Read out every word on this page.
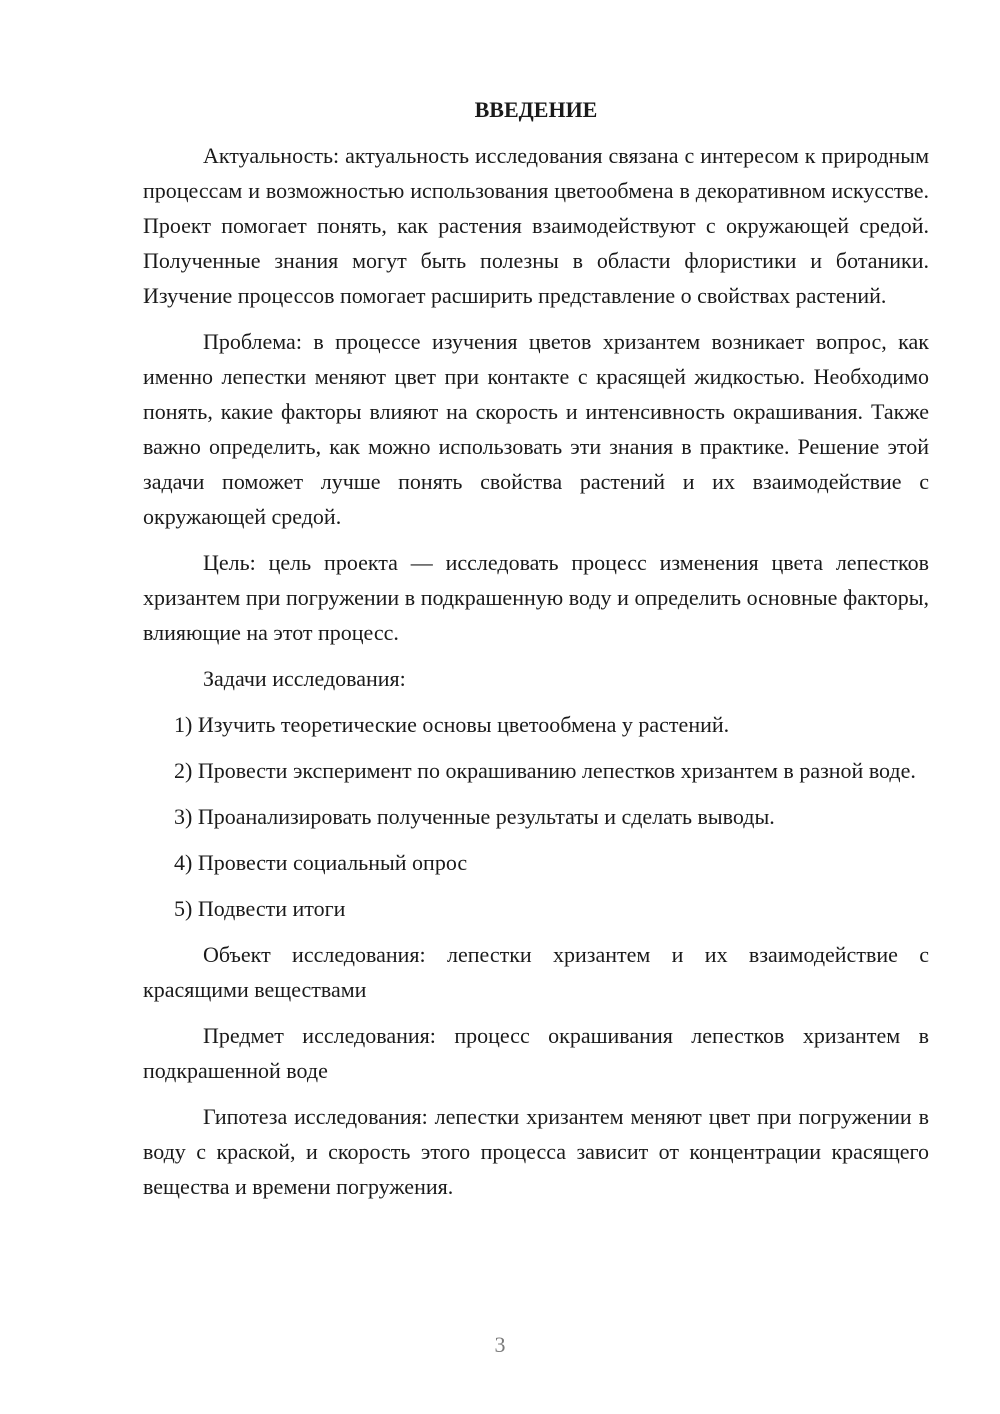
ВВЕДЕНИЕ

Актуальность: актуальность исследования связана с интересом к природным процессам и возможностью использования цветообмена в декоративном искусстве. Проект помогает понять, как растения взаимодействуют с окружающей средой. Полученные знания могут быть полезны в области флористики и ботаники. Изучение процессов помогает расширить представление о свойствах растений.

Проблема: в процессе изучения цветов хризантем возникает вопрос, как именно лепестки меняют цвет при контакте с красящей жидкостью. Необходимо понять, какие факторы влияют на скорость и интенсивность окрашивания. Также важно определить, как можно использовать эти знания в практике. Решение этой задачи поможет лучше понять свойства растений и их взаимодействие с окружающей средой.

Цель: цель проекта — исследовать процесс изменения цвета лепестков хризантем при погружении в подкрашенную воду и определить основные факторы, влияющие на этот процесс.

Задачи исследования:

1) Изучить теоретические основы цветообмена у растений.

2) Провести эксперимент по окрашиванию лепестков хризантем в разной воде.

3) Проанализировать полученные результаты и сделать выводы.

4) Провести социальный опрос

5) Подвести итоги

Объект исследования: лепестки хризантем и их взаимодействие с красящими веществами

Предмет исследования: процесс окрашивания лепестков хризантем в подкрашенной воде

Гипотеза исследования: лепестки хризантем меняют цвет при погружении в воду с краской, и скорость этого процесса зависит от концентрации красящего вещества и времени погружения.

3
